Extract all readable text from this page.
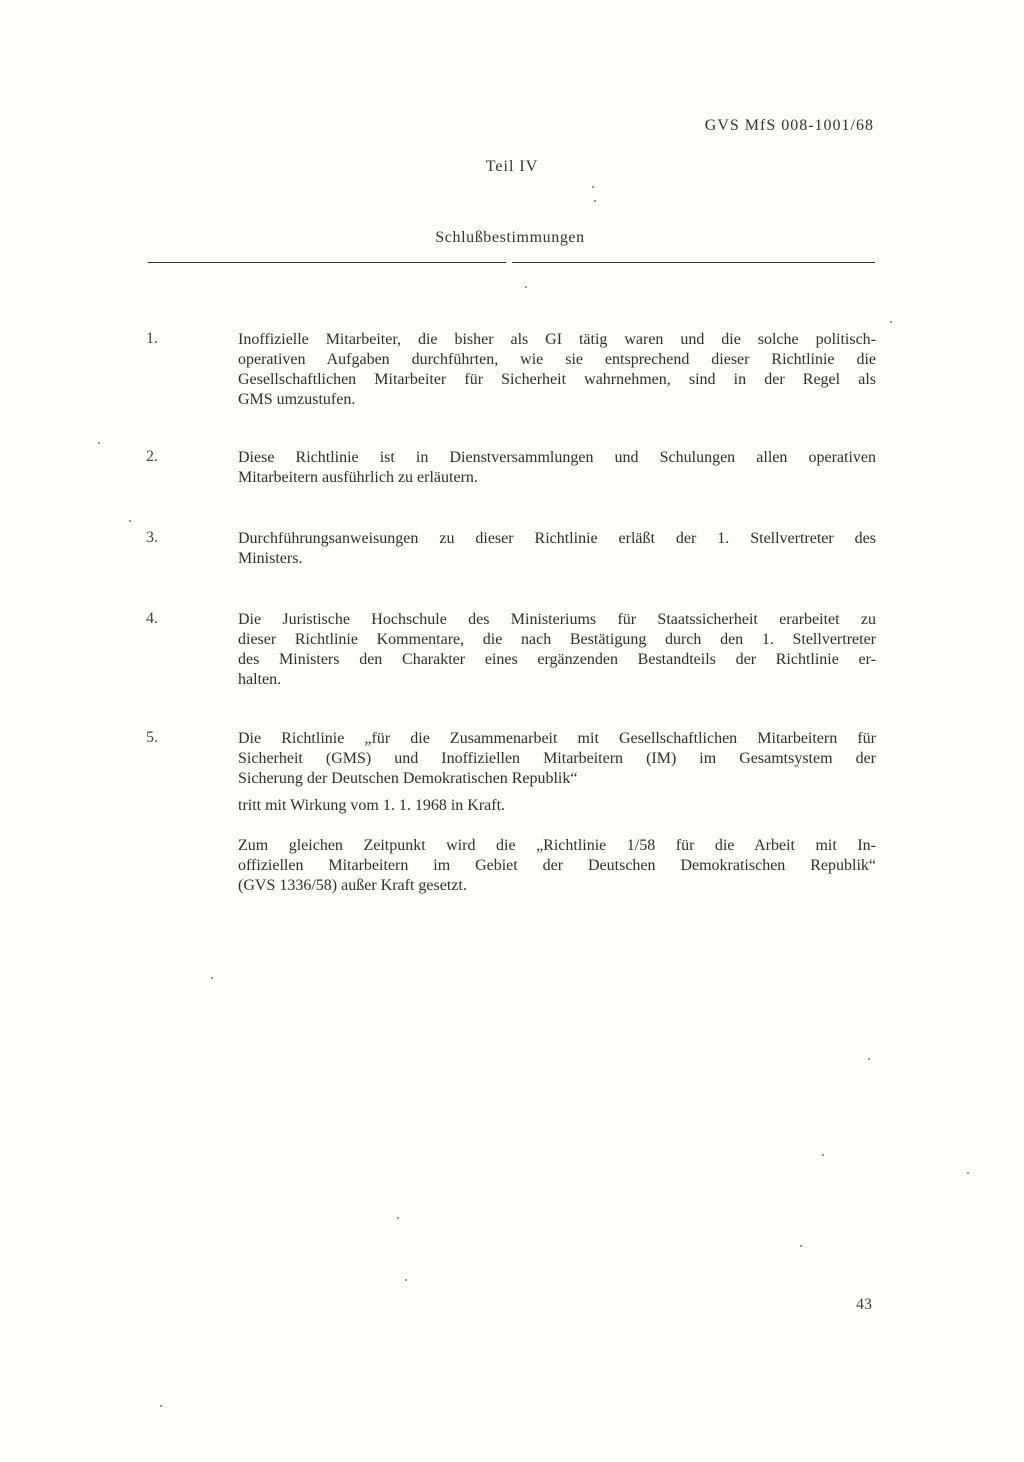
GVS MfS 008-1001/68
Teil IV
Schlußbestimmungen
1.	Inoffizielle Mitarbeiter, die bisher als GI tätig waren und die solche politisch-
operativen Aufgaben durchführten, wie sie entsprechend dieser Richtlinie die
Gesellschaftlichen Mitarbeiter für Sicherheit wahrnehmen, sind in der Regel als
GMS umzustufen.
2.	Diese Richtlinie ist in Dienstversammlungen und Schulungen allen operativen
Mitarbeitern ausführlich zu erläutern.
3.	Durchführungsanweisungen zu dieser Richtlinie erläßt der 1. Stellvertreter des
Ministers.
4.	Die Juristische Hochschule des Ministeriums für Staatssicherheit erarbeitet zu
dieser Richtlinie Kommentare, die nach Bestätigung durch den 1. Stellvertreter
des Ministers den Charakter eines ergänzenden Bestandteils der Richtlinie er-
halten.
5.	Die Richtlinie „für die Zusammenarbeit mit Gesellschaftlichen Mitarbeitern für
Sicherheit (GMS) und Inoffiziellen Mitarbeitern (IM) im Gesamtsystem der
Sicherung der Deutschen Demokratischen Republik“
tritt mit Wirkung vom 1. 1. 1968 in Kraft.
Zum gleichen Zeitpunkt wird die „Richtlinie 1/58 für die Arbeit mit In-
offiziellen Mitarbeitern im Gebiet der Deutschen Demokratischen Republik“
(GVS 1336/58) außer Kraft gesetzt.
43
